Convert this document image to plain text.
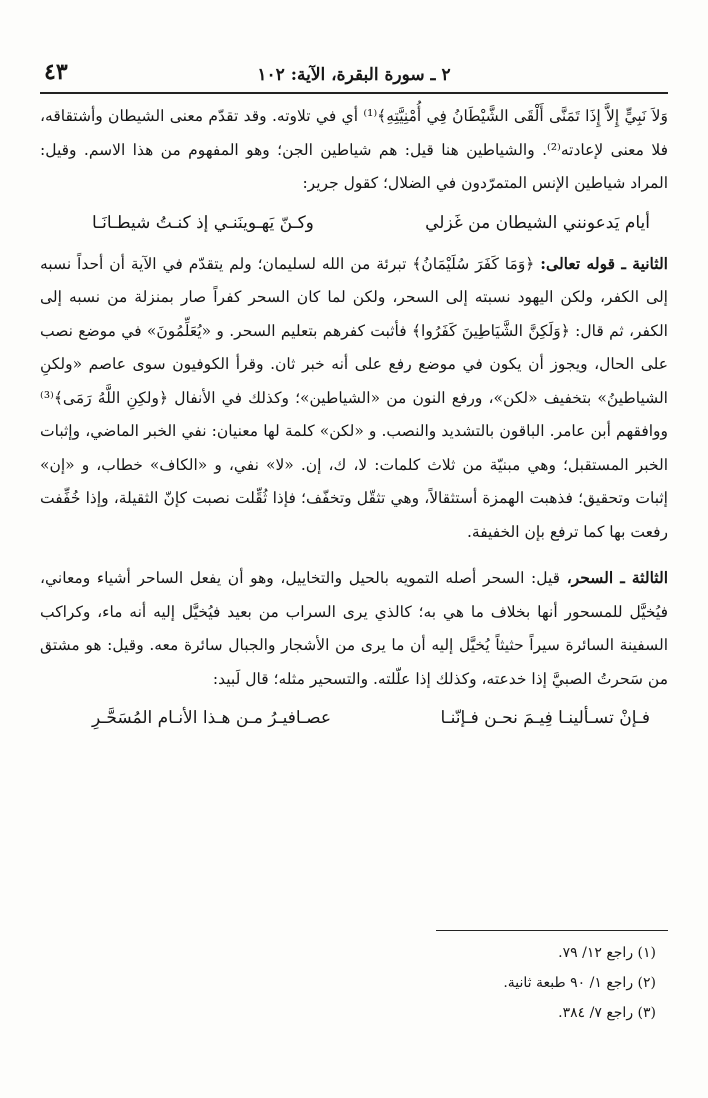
٤٣	٢ ـ سورة البقرة، الآية: ١٠٢

وَلاَ نَبِيٍّ إِلاَّ إِذَا تَمَنَّى أَلْقَى الشَّيْطَانُ فِي أُمْنِيَّتِهِ﴾⁽¹⁾ أي في تلاوته. وقد تقدّم معنى الشيطان وأشتقاقه، فلا معنى لإعادته⁽²⁾. والشياطين هنا قيل: هم شياطين الجن؛ وهو المفهوم من هذا الاسم. وقيل: المراد شياطين الإنس المتمرّدون في الضلال؛ كقول جرير:

أيام يَدعونني الشيطان من غَزلي
وكـنّ يَهـوينَنـي إذ كنـتُ شيطـانَـا

الثانية ـ قوله تعالى: ﴿وَمَا كَفَرَ سُلَيْمَانُ﴾ تبرئة من الله لسليمان؛ ولم يتقدّم في الآية أن أحداً نسبه إلى الكفر، ولكن اليهود نسبته إلى السحر، ولكن لما كان السحر كفراً صار بمنزلة من نسبه إلى الكفر، ثم قال: ﴿وَلَكِنَّ الشَّيَاطِينَ كَفَرُوا﴾ فأثبت كفرهم بتعليم السحر. و «يُعَلِّمُونَ» في موضع نصب على الحال، ويجوز أن يكون في موضع رفع على أنه خبر ثان. وقرأ الكوفيون سوى عاصم «ولكنِ الشياطينُ» بتخفيف «لكن»، ورفع النون من «الشياطين»؛ وكذلك في الأنفال ﴿ولكِنِ اللَّهُ رَمَى﴾⁽³⁾ ووافقهم أبن عامر. الباقون بالتشديد والنصب. و «لكن» كلمة لها معنيان: نفي الخبر الماضي، وإثبات الخبر المستقبل؛ وهي مبنيّة من ثلاث كلمات: لا، ك، إن. «لا» نفي، و «الكاف» خطاب، و «إن» إثبات وتحقيق؛ فذهبت الهمزة أستثقالاً، وهي تثقّل وتخفّف؛ فإذا ثُقِّلت نصبت كإنّ الثقيلة، وإذا خُفِّفت رفعت بها كما ترفع بإن الخفيفة.

الثالثة ـ السحر، قيل: السحر أصله التمويه بالحيل والتخاييل، وهو أن يفعل الساحر أشياء ومعاني، فيُخيَّل للمسحور أنها بخلاف ما هي به؛ كالذي يرى السراب من بعيد فيُخيَّل إليه أنه ماء، وكراكب السفينة السائرة سيراً حثيثاً يُخيَّل إليه أن ما يرى من الأشجار والجبال سائرة معه. وقيل: هو مشتق من سَحرتُ الصبيَّ إذا خدعته، وكذلك إذا علّلته. والتسحير مثله؛ قال لَبيد:

فـإنْ تسـألينـا فِيـمَ نحـن فـإنّنـا
عصـافيـرُ مـن هـذا الأنـام المُسَحَّـرِ
(١) راجع ١٢/ ٧٩.
(٢) راجع ١/ ٩٠ طبعة ثانية.
(٣) راجع ٧/ ٣٨٤.
